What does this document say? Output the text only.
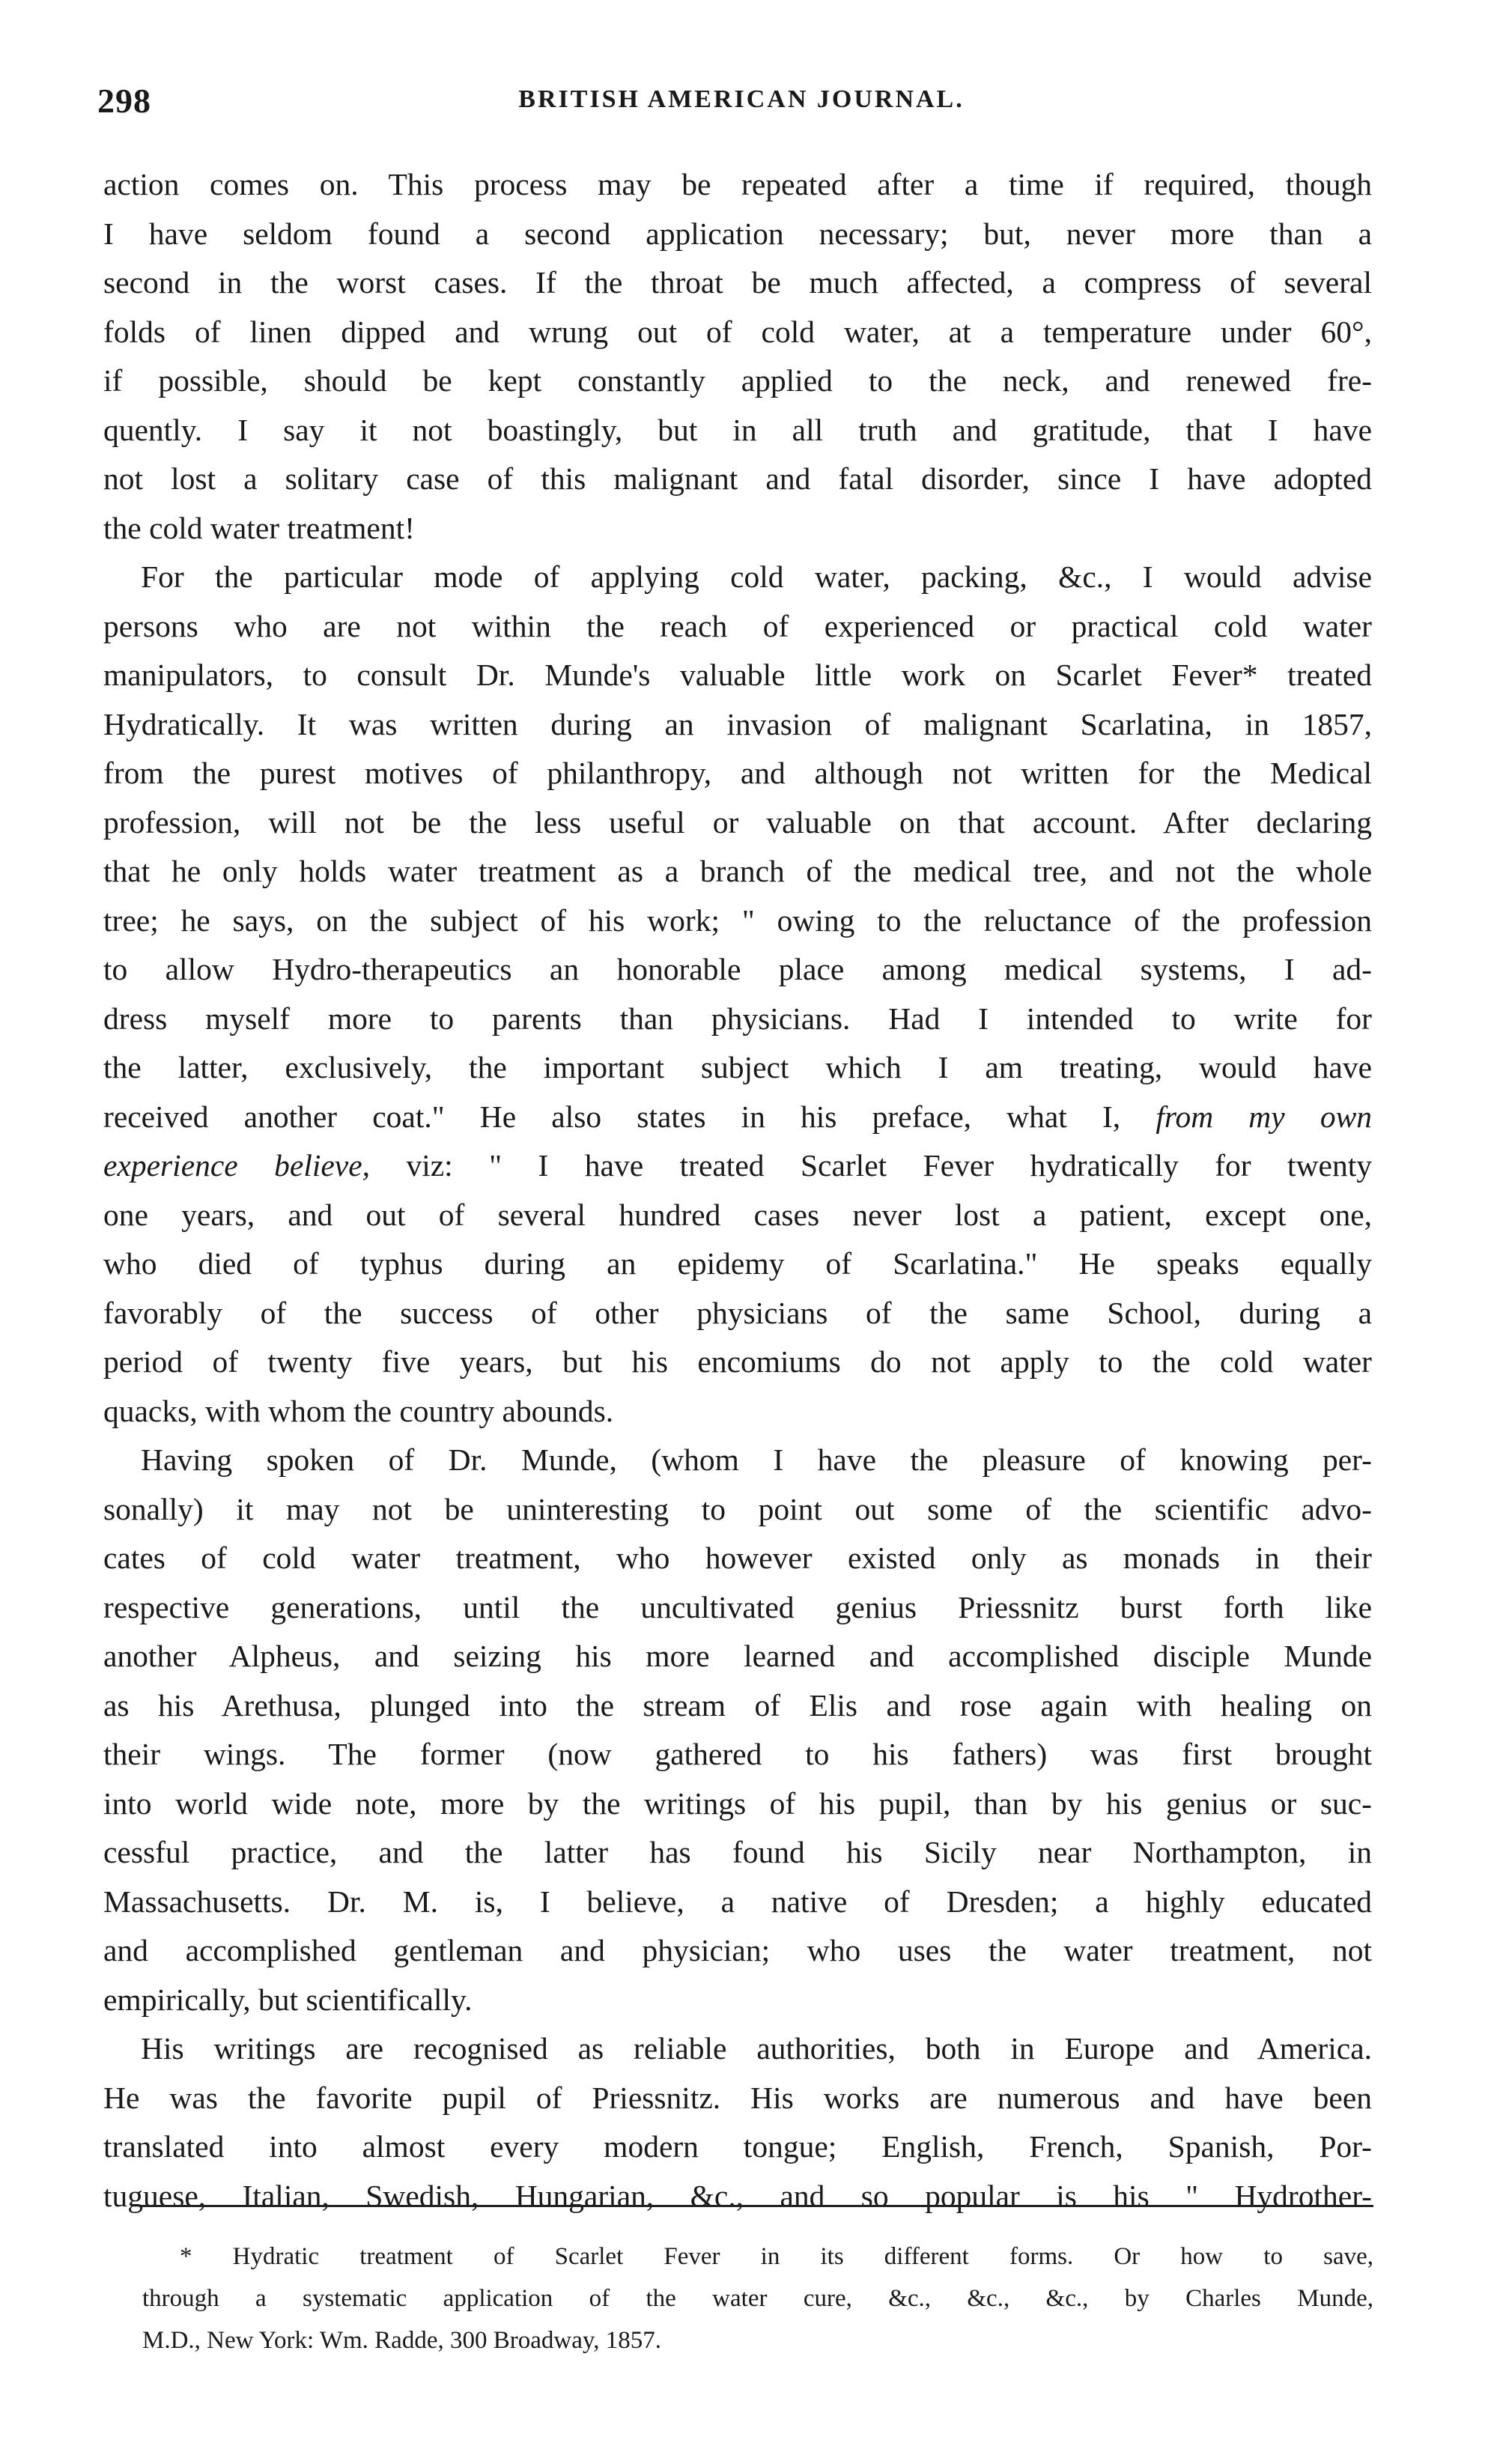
298	BRITISH AMERICAN JOURNAL.

action comes on. This process may be repeated after a time if required, though
I have seldom found a second application necessary; but, never more than a
second in the worst cases. If the throat be much affected, a compress of several
folds of linen dipped and wrung out of cold water, at a temperature under 60°,
if possible, should be kept constantly applied to the neck, and renewed fre-
quently. I say it not boastingly, but in all truth and gratitude, that I have
not lost a solitary case of this malignant and fatal disorder, since I have adopted
the cold water treatment!

For the particular mode of applying cold water, packing, &c., I would advise
persons who are not within the reach of experienced or practical cold water
manipulators, to consult Dr. Munde's valuable little work on Scarlet Fever* treated
Hydratically. It was written during an invasion of malignant Scarlatina, in 1857,
from the purest motives of philanthropy, and although not written for the Medical
profession, will not be the less useful or valuable on that account. After declaring
that he only holds water treatment as a branch of the medical tree, and not the whole
tree; he says, on the subject of his work; " owing to the reluctance of the profession
to allow Hydro-therapeutics an honorable place among medical systems, I ad-
dress myself more to parents than physicians. Had I intended to write for
the latter, exclusively, the important subject which I am treating, would have
received another coat." He also states in his preface, what I, from my own
experience believe, viz: " I have treated Scarlet Fever hydratically for twenty
one years, and out of several hundred cases never lost a patient, except one,
who died of typhus during an epidemy of Scarlatina." He speaks equally
favorably of the success of other physicians of the same School, during a
period of twenty five years, but his encomiums do not apply to the cold water
quacks, with whom the country abounds.

Having spoken of Dr. Munde, (whom I have the pleasure of knowing per-
sonally) it may not be uninteresting to point out some of the scientific advo-
cates of cold water treatment, who however existed only as monads in their
respective generations, until the uncultivated genius Priessnitz burst forth like
another Alpheus, and seizing his more learned and accomplished disciple Munde
as his Arethusa, plunged into the stream of Elis and rose again with healing on
their wings. The former (now gathered to his fathers) was first brought
into world wide note, more by the writings of his pupil, than by his genius or suc-
cessful practice, and the latter has found his Sicily near Northampton, in
Massachusetts. Dr. M. is, I believe, a native of Dresden; a highly educated
and accomplished gentleman and physician; who uses the water treatment, not
empirically, but scientifically.

His writings are recognised as reliable authorities, both in Europe and America.
He was the favorite pupil of Priessnitz. His works are numerous and have been
translated into almost every modern tongue; English, French, Spanish, Por-
tuguese, Italian, Swedish, Hungarian, &c., and so popular is his " Hydrother-

* Hydratic treatment of Scarlet Fever in its different forms. Or how to save,
through a systematic application of the water cure, &c., &c., &c., by Charles Munde,
M.D., New York: Wm. Radde, 300 Broadway, 1857.
